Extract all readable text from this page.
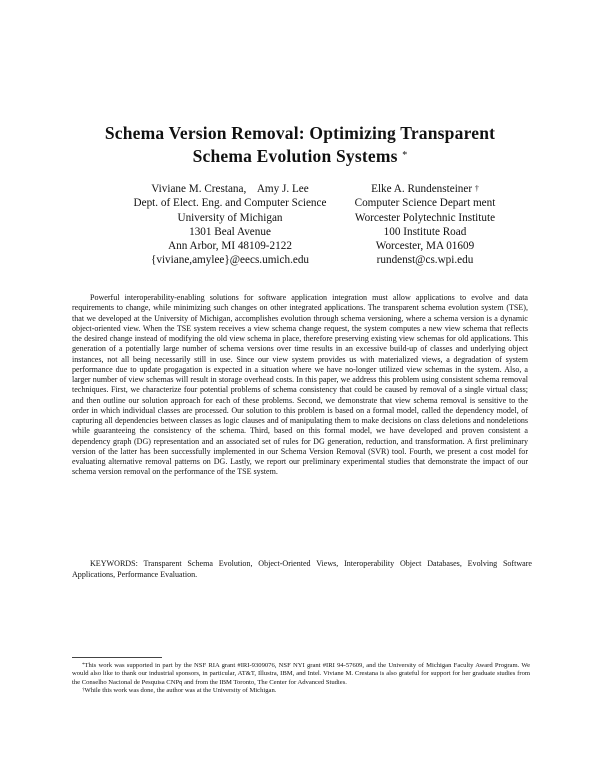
Schema Version Removal: Optimizing Transparent
Schema Evolution Systems *
Viviane M. Crestana,    Amy J. Lee
Dept. of Elect. Eng. and Computer Science
University of Michigan
1301 Beal Avenue
Ann Arbor, MI 48109-2122
{viviane,amylee}@eecs.umich.edu
Elke A. Rundensteiner †
Computer Science Depart ment
Worcester Polytechnic Institute
100 Institute Road
Worcester, MA 01609
rundenst@cs.wpi.edu

Powerful interoperability-enabling solutions for software application integration must allow applications to evolve and data requirements to change, while minimizing such changes on other integrated applications. The transparent schema evolution system (TSE), that we developed at the University of Michigan, accomplishes evolution through schema versioning, where a schema version is a dynamic object-oriented view. When the TSE system receives a view schema change request, the system computes a new view schema that reflects the desired change instead of modifying the old view schema in place, therefore preserving existing view schemas for old applications. This generation of a potentially large number of schema versions over time results in an excessive build-up of classes and underlying object instances, not all being necessarily still in use. Since our view system provides us with materialized views, a degradation of system performance due to update progagation is expected in a situation where we have no-longer utilized view schemas in the system. Also, a larger number of view schemas will result in storage overhead costs. In this paper, we address this problem using consistent schema removal techniques. First, we characterize four potential problems of schema consistency that could be caused by removal of a single virtual class; and then outline our solution approach for each of these problems. Second, we demonstrate that view schema removal is sensitive to the order in which individual classes are processed. Our solution to this problem is based on a formal model, called the dependency model, of capturing all dependencies between classes as logic clauses and of manipulating them to make decisions on class deletions and nondeletions while guaranteeing the consistency of the schema. Third, based on this formal model, we have developed and proven consistent a dependency graph (DG) representation and an associated set of rules for DG generation, reduction, and transformation. A first preliminary version of the latter has been successfully implemented in our Schema Version Removal (SVR) tool. Fourth, we present a cost model for evaluating alternative removal patterns on DG. Lastly, we report our preliminary experimental studies that demonstrate the impact of our schema version removal on the performance of the TSE system.

KEYWORDS: Transparent Schema Evolution, Object-Oriented Views, Interoperability Object Databases, Evolving Software Applications, Performance Evaluation.

*This work was supported in part by the NSF RIA grant #IRI-9309076, NSF NYI grant #IRI 94-57609, and the University of Michigan Faculty Award Program. We would also like to thank our industrial sponsors, in particular, AT&T, Illustra, IBM, and Intel. Viviane M. Crestana is also grateful for support for her graduate studies from the Conselho Nacional de Pesquisa CNPq and from the IBM Toronto, The Center for Advanced Studies.
†While this work was done, the author was at the University of Michigan.
